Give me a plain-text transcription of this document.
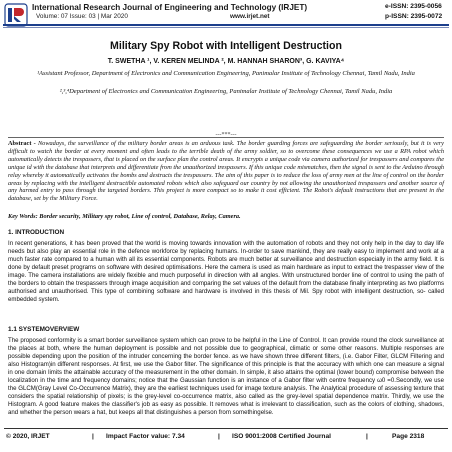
International Research Journal of Engineering and Technology (IRJET)
Volume: 07 Issue: 03 | Mar 2020	www.irjet.net
e-ISSN: 2395-0056
p-ISSN: 2395-0072
Military Spy Robot with Intelligent Destruction
T. SWETHA ¹, V. KEREN MELINDA ², M. HANNAH SHARON³, G. KAVIYA⁴
¹Assistant Professor, Department of Electronics and Communication Engineering, Panimalar Institute of Technology Chennai, Tamil Nadu, India
²,³,⁴Department of Electronics and Communication Engineering, Panimalar Institute of Technology Chennai, Tamil Nadu, India
---***---
Abstract - Nowadays, the surveillance of the military border areas is an arduous task. The border guarding forces are safeguarding the border seriously, but it is very difficult to watch the border at every moment and often leads to the terrible death of the army soldier, so to overcome these consequences we use a RPA robot which automatically detects the trespassers, that is placed on the surface plan the control areas. It encrypts a unique code via camera authorized for trespassers and compares the unique id with the database that interprets and differentiate from the unauthorized trespassers. If this unique code mismatches, then the signal is sent to the Arduino through relay whereby it automatically activates the bombs and destructs the trespassers. The aim of this paper is to reduce the loss of army men at the line of control on the border areas by replacing with the intelligent destructible automated robots which also safeguard our country by not allowing the unauthorized trespassers and another source of any harmed entry to pass through the targeted borders. This project is more compact so to make it cost efficient. The Robot's default instructions that are present in the database, set by the Military Force.
Key Words: Border security, Military spy robot, Line of control, Database, Relay, Camera.
1. INTRODUCTION
In recent generations, it has been proved that the world is moving towards innovation with the automation of robots and they not only help in the day to day life needs but also play an essential role in the defence workforce by replacing humans. In-order to save mankind, they are really easy to implement and work at a much faster rate compared to a human with all its essential components. Robots are much better at surveillance and destruction especially in the army field. It is done by default preset programs on software with desired optimisations. Here the camera is used as main hardware as input to extract the trespasser view of the image. The camera installations are widely flexible and much purposeful in direction with all angles. With unstructured border line of control to using the path of the borders to obtain the trespassers through image acquisition and comparing the set values of the default from the database finally interpreting as two platforms authorised and unauthorised. This type of combining software and hardware is involved in this thesis of Mil. Spy robot with intelligent destruction, so- called embedded system.
1.1 SYSTEMOVERVIEW
The proposed conformity is a smart border surveillance system which can prove to be helpful in the Line of Control. It can provide round the clock surveillance at the places at both, where the human deployment is possible and not possible due to geographical, climatic or some other reasons. Multiple responses are possible depending upon the position of the intruder concerning the border fence. as we have shown three different filters, (i.e. Gabor Filter, GLCM Filtering and also Histogram)in different responses. At first, we use the Gabor filter. The significance of this principle is that the accuracy with which one can measure a signal in one domain limits the attainable accuracy of the measurement in the other domain. In simple, it also attains the optimal (lower bound) compromise between the localization in the time and frequency domains; notice that the Gaussian function is an instance of a Gabor filter with centre frequency ω0 =0.Secondly, we use the GLCM(Gray Level Co-Occurrence Matrix), they are the earliest techniques used for image texture analysis. The Analytical procedure of assessing texture that considers the spatial relationship of pixels; is the grey-level co-occurrence matrix, also called as the grey-level spatial dependence matrix. Thirdly, we use the Histogram. A good feature makes the classifier's job as easy as possible. It removes what is irrelevant to classification, such as the colors of clothing, shadows, and whether the person wears a hat, but keeps all that distinguishes a person from somethingelse.
© 2020, IRJET	| Impact Factor value: 7.34	| ISO 9001:2008 Certified Journal	|	Page 2318
